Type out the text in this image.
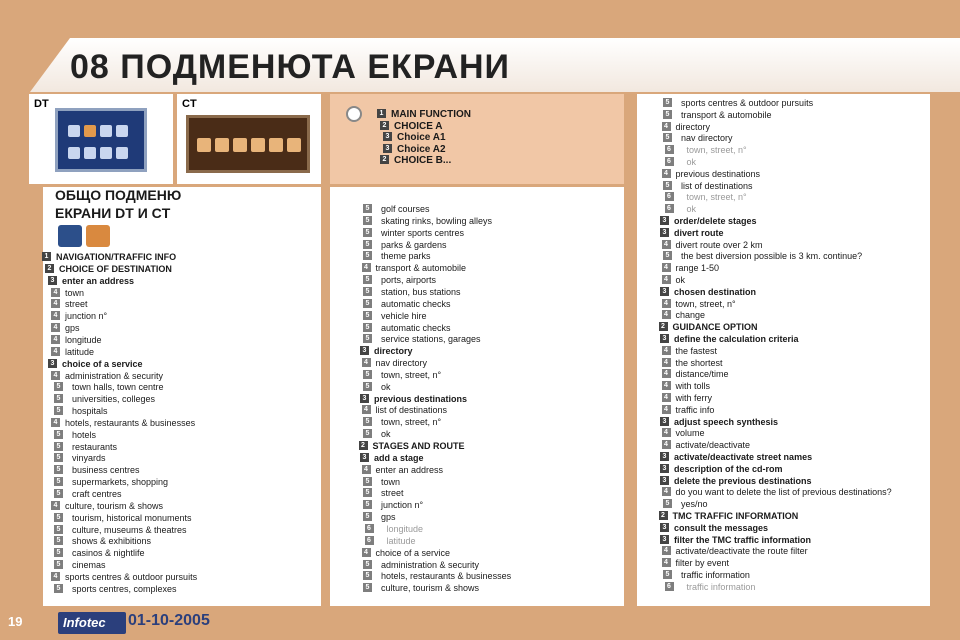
08 ПОДМЕНЮТА ЕКРАНИ
DT	CT
ОБЩО ПОДМЕНЮ
ЕКРАНИ DT И CT
1 MAIN FUNCTION
2 CHOICE A
3 Choice A1
3 Choice A2
2 CHOICE B...
1 NAVIGATION/TRAFFIC INFO
2 CHOICE OF DESTINATION
3 enter an address
4 town
4 street
4 junction n°
4 gps
4 longitude
4 latitude
3 choice of a service
4 administration & security
5 town halls, town centre
5 universities, colleges
5 hospitals
4 hotels, restaurants & businesses
5 hotels
5 restaurants
5 vinyards
5 business centres
5 supermarkets, shopping
5 craft centres
4 culture, tourism & shows
5 tourism, historical monuments
5 culture, museums & theatres
5 shows & exhibitions
5 casinos & nightlife
5 cinemas
4 sports centres & outdoor pursuits
5 sports centres, complexes
5 golf courses
5 skating rinks, bowling alleys
5 winter sports centres
5 parks & gardens
5 theme parks
4 transport & automobile
5 ports, airports
5 station, bus stations
5 automatic checks
5 vehicle hire
5 automatic checks
5 service stations, garages
3 directory
4 nav directory
5 town, street, n°
5 ok
3 previous destinations
4 list of destinations
5 town, street, n°
5 ok
2 STAGES AND ROUTE
3 add a stage
4 enter an address
5 town
5 street
5 junction n°
5 gps
6 longitude
6 latitude
4 choice of a service
5 administration & security
5 hotels, restaurants & businesses
5 culture, tourism & shows
5 sports centres & outdoor pursuits
5 transport & automobile
4 directory
5 nav directory
6 town, street, n°
6 ok
4 previous destinations
5 list of destinations
6 town, street, n°
6 ok
3 order/delete stages
3 divert route
4 divert route over 2 km
5 the best diversion possible is 3 km. continue?
4 range 1-50
4 ok
3 chosen destination
4 town, street, n°
4 change
2 GUIDANCE OPTION
3 define the calculation criteria
4 the fastest
4 the shortest
4 distance/time
4 with tolls
4 with ferry
4 traffic info
3 adjust speech synthesis
4 volume
4 activate/deactivate
3 activate/deactivate street names
3 description of the cd-rom
3 delete the previous destinations
4 do you want to delete the list of previous destinations?
5 yes/no
2 TMC TRAFFIC INFORMATION
3 consult the messages
3 filter the TMC traffic information
4 activate/deactivate the route filter
4 filter by event
5 traffic information
6 traffic information
19	Infotec	01-10-2005
